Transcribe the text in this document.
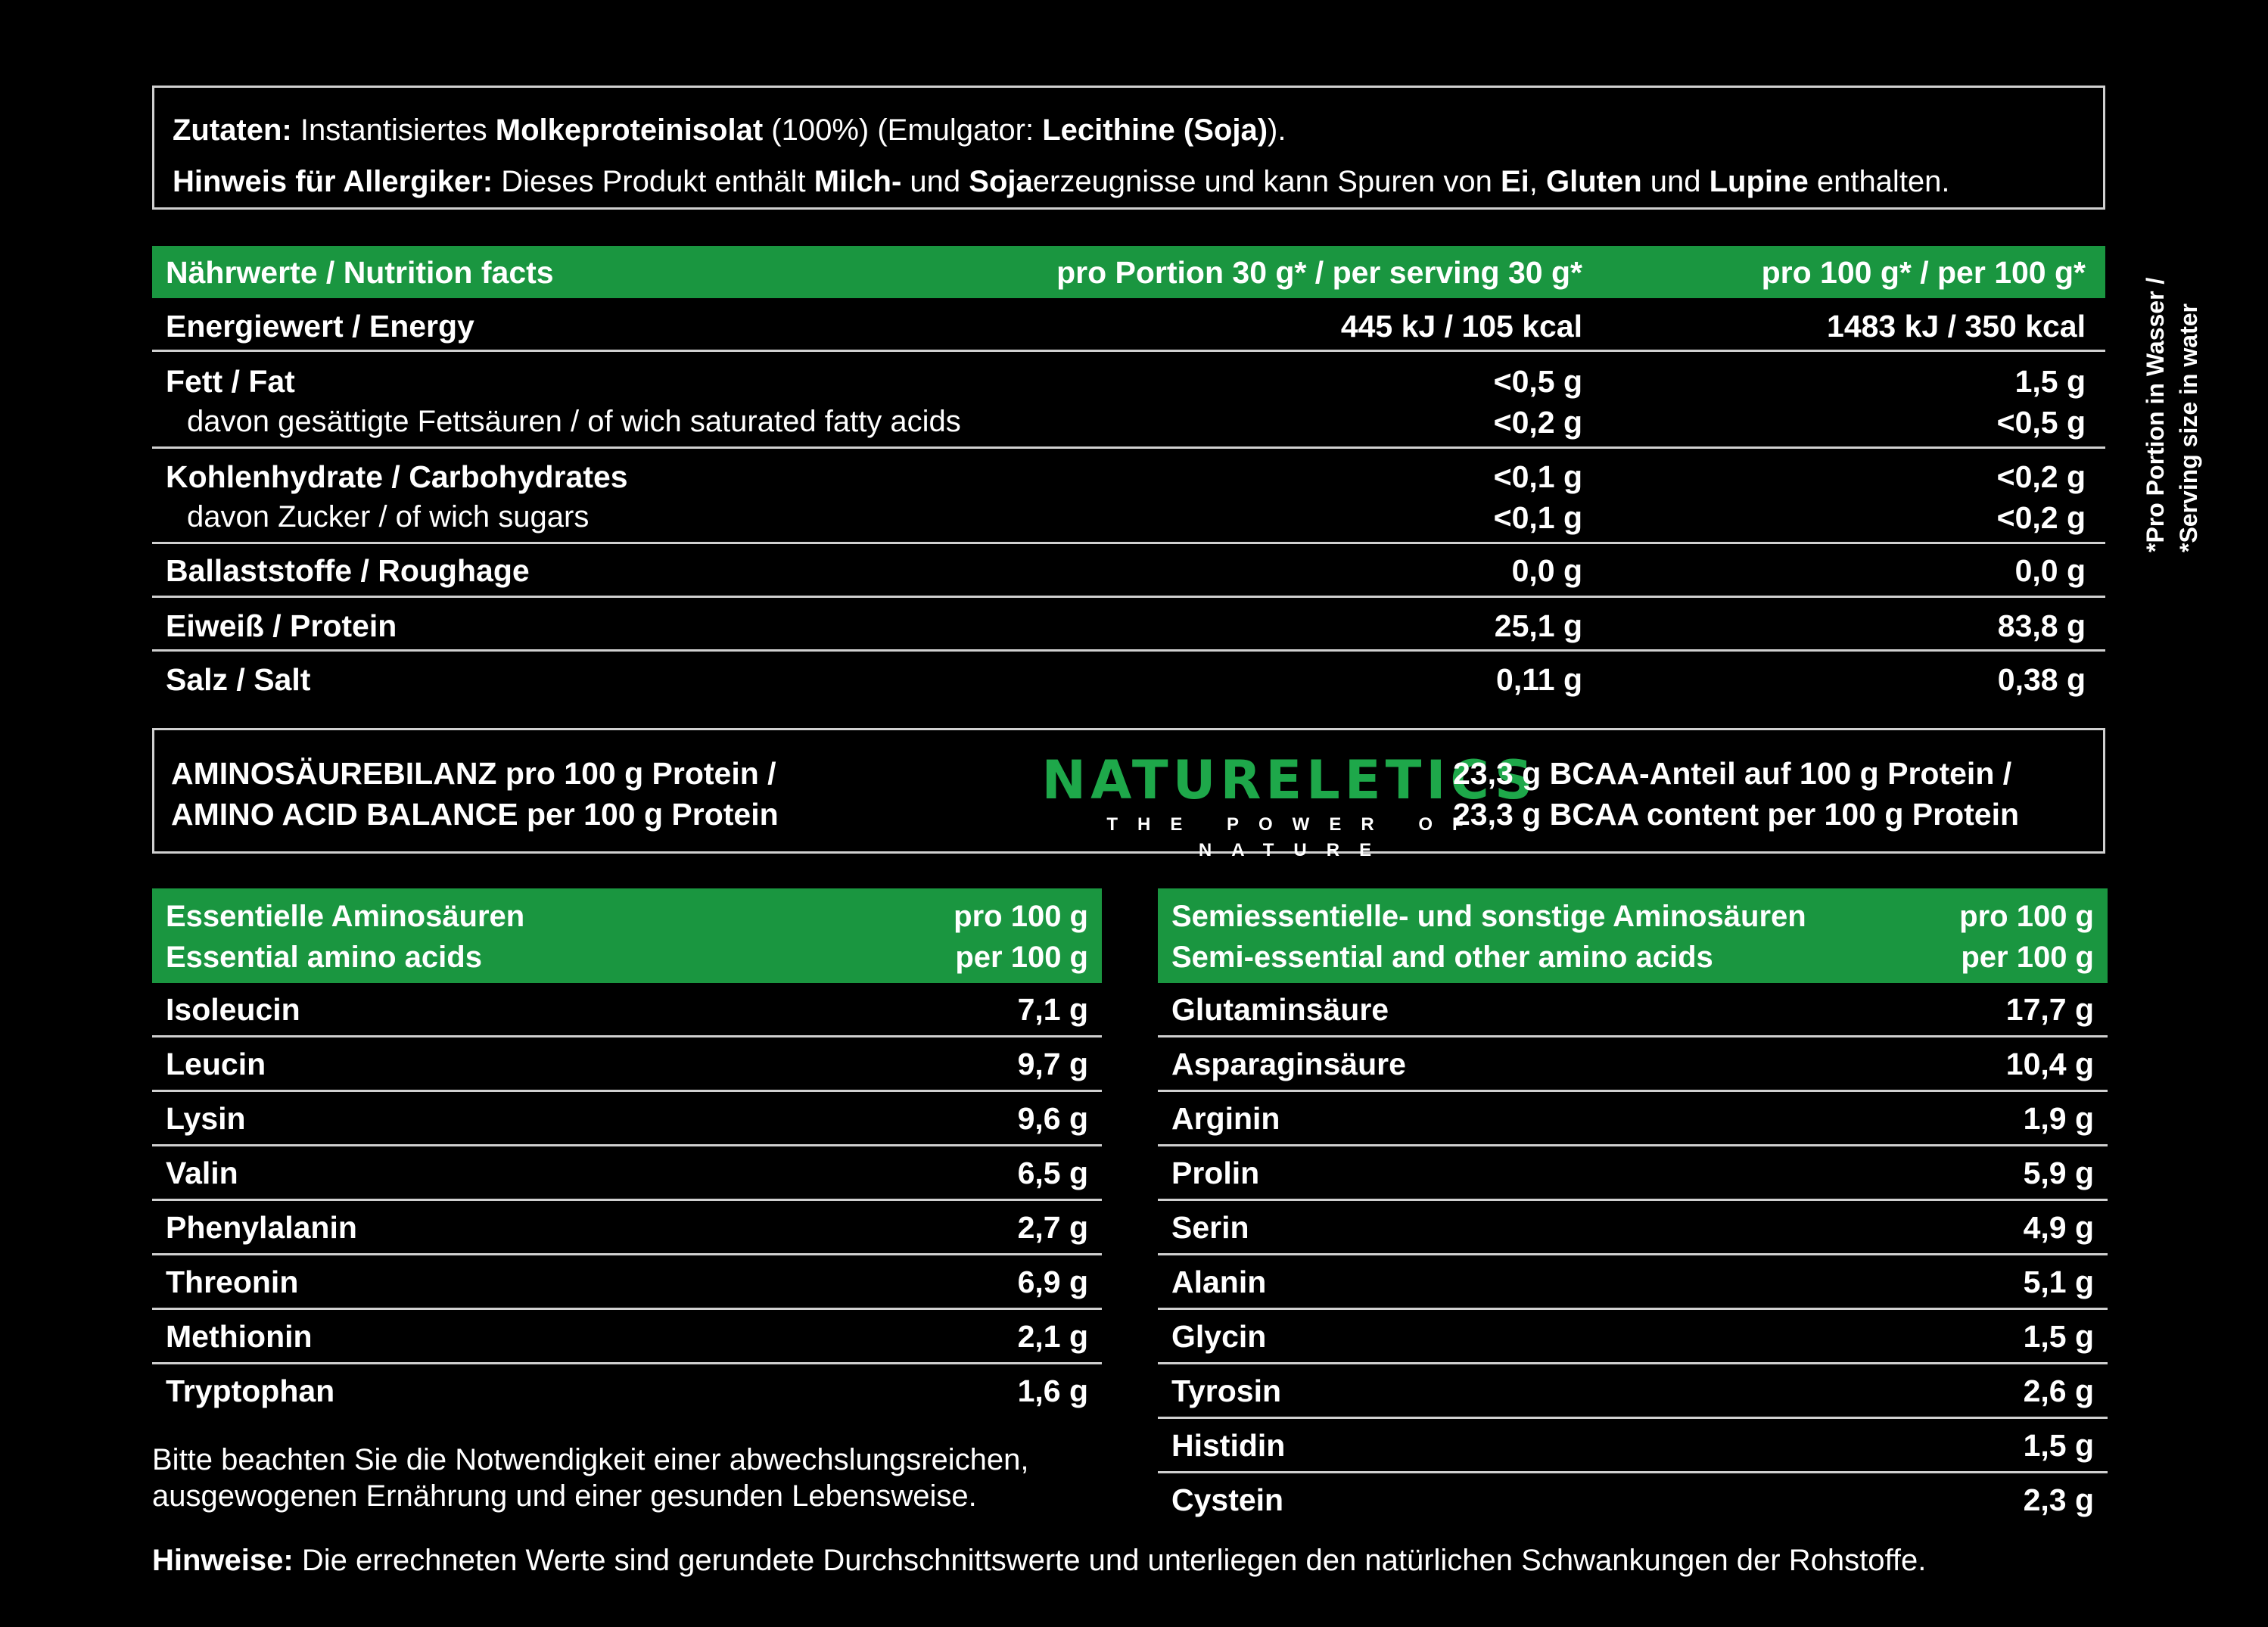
Zutaten: Instantisiertes Molkeproteinisolat (100%) (Emulgator: Lecithine (Soja)).
Hinweis für Allergiker: Dieses Produkt enthält Milch- und Sojaerzeugnisse und kann Spuren von Ei, Gluten und Lupine enthalten.
Nährwerte / Nutrition facts	pro Portion 30 g* / per serving 30 g*	pro 100 g* / per 100 g*
Energiewert / Energy	445 kJ / 105 kcal	1483 kJ / 350 kcal
Fett / Fat	<0,5 g	1,5 g
davon gesättigte Fettsäuren / of wich saturated fatty acids	<0,2 g	<0,5 g
Kohlenhydrate / Carbohydrates	<0,1 g	<0,2 g
davon Zucker / of wich sugars	<0,1 g	<0,2 g
Ballaststoffe / Roughage	0,0 g	0,0 g
Eiweiß / Protein	25,1 g	83,8 g
Salz / Salt	0,11 g	0,38 g
*Pro Portion in Wasser / *Serving size in water
AMINOSÄUREBILANZ pro 100 g Protein /
AMINO ACID BALANCE per 100 g Protein
NATURELETICS
THE POWER OF NATURE
23,3 g BCAA-Anteil auf 100 g Protein /
23,3 g BCAA content per 100 g Protein
Essentielle Aminosäuren
Essential amino acids
pro 100 g
per 100 g
Isoleucin	7,1 g
Leucin	9,7 g
Lysin	9,6 g
Valin	6,5 g
Phenylalanin	2,7 g
Threonin	6,9 g
Methionin	2,1 g
Tryptophan	1,6 g
Semiessentielle- und sonstige Aminosäuren
Semi-essential and other amino acids
pro 100 g
per 100 g
Glutaminsäure	17,7 g
Asparaginsäure	10,4 g
Arginin	1,9 g
Prolin	5,9 g
Serin	4,9 g
Alanin	5,1 g
Glycin	1,5 g
Tyrosin	2,6 g
Histidin	1,5 g
Cystein	2,3 g
Bitte beachten Sie die Notwendigkeit einer abwechslungsreichen,
ausgewogenen Ernährung und einer gesunden Lebensweise.
Hinweise: Die errechneten Werte sind gerundete Durchschnittswerte und unterliegen den natürlichen Schwankungen der Rohstoffe.
